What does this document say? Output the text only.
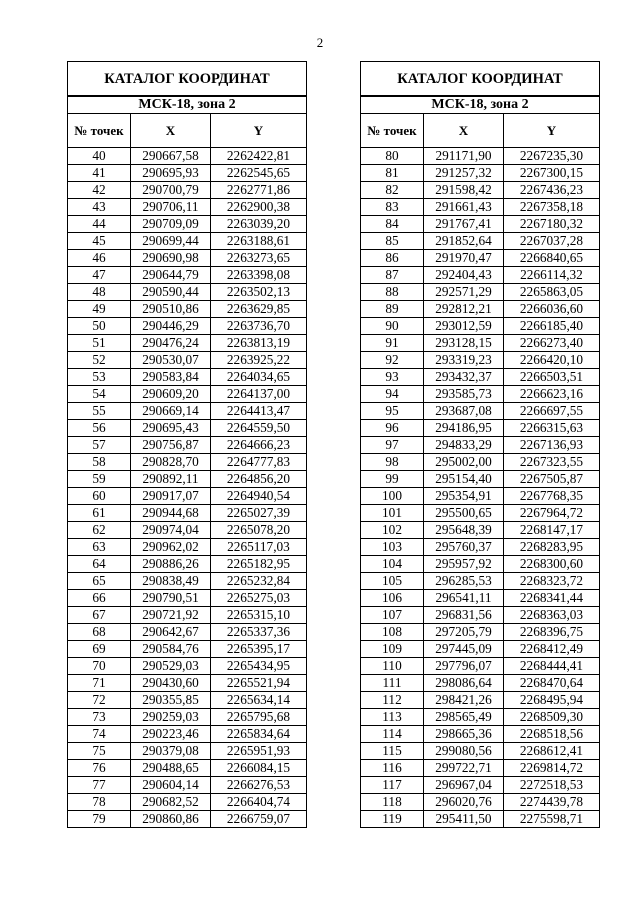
2
КАТАЛОГ КООРДИНАТ		
МСК-18, зона 2		
№ точек	X	Y
40	290667,58	2262422,81
41	290695,93	2262545,65
42	290700,79	2262771,86
43	290706,11	2262900,38
44	290709,09	2263039,20
45	290699,44	2263188,61
46	290690,98	2263273,65
47	290644,79	2263398,08
48	290590,44	2263502,13
49	290510,86	2263629,85
50	290446,29	2263736,70
51	290476,24	2263813,19
52	290530,07	2263925,22
53	290583,84	2264034,65
54	290609,20	2264137,00
55	290669,14	2264413,47
56	290695,43	2264559,50
57	290756,87	2264666,23
58	290828,70	2264777,83
59	290892,11	2264856,20
60	290917,07	2264940,54
61	290944,68	2265027,39
62	290974,04	2265078,20
63	290962,02	2265117,03
64	290886,26	2265182,95
65	290838,49	2265232,84
66	290790,51	2265275,03
67	290721,92	2265315,10
68	290642,67	2265337,36
69	290584,76	2265395,17
70	290529,03	2265434,95
71	290430,60	2265521,94
72	290355,85	2265634,14
73	290259,03	2265795,68
74	290223,46	2265834,64
75	290379,08	2265951,93
76	290488,65	2266084,15
77	290604,14	2266276,53
78	290682,52	2266404,74
79	290860,86	2266759,07
КАТАЛОГ КООРДИНАТ		
МСК-18, зона 2		
№ точек	X	Y
80	291171,90	2267235,30
81	291257,32	2267300,15
82	291598,42	2267436,23
83	291661,43	2267358,18
84	291767,41	2267180,32
85	291852,64	2267037,28
86	291970,47	2266840,65
87	292404,43	2266114,32
88	292571,29	2265863,05
89	292812,21	2266036,60
90	293012,59	2266185,40
91	293128,15	2266273,40
92	293319,23	2266420,10
93	293432,37	2266503,51
94	293585,73	2266623,16
95	293687,08	2266697,55
96	294186,95	2266315,63
97	294833,29	2267136,93
98	295002,00	2267323,55
99	295154,40	2267505,87
100	295354,91	2267768,35
101	295500,65	2267964,72
102	295648,39	2268147,17
103	295760,37	2268283,95
104	295957,92	2268300,60
105	296285,53	2268323,72
106	296541,11	2268341,44
107	296831,56	2268363,03
108	297205,79	2268396,75
109	297445,09	2268412,49
110	297796,07	2268444,41
111	298086,64	2268470,64
112	298421,26	2268495,94
113	298565,49	2268509,30
114	298665,36	2268518,56
115	299080,56	2268612,41
116	299722,71	2269814,72
117	296967,04	2272518,53
118	296020,76	2274439,78
119	295411,50	2275598,71
